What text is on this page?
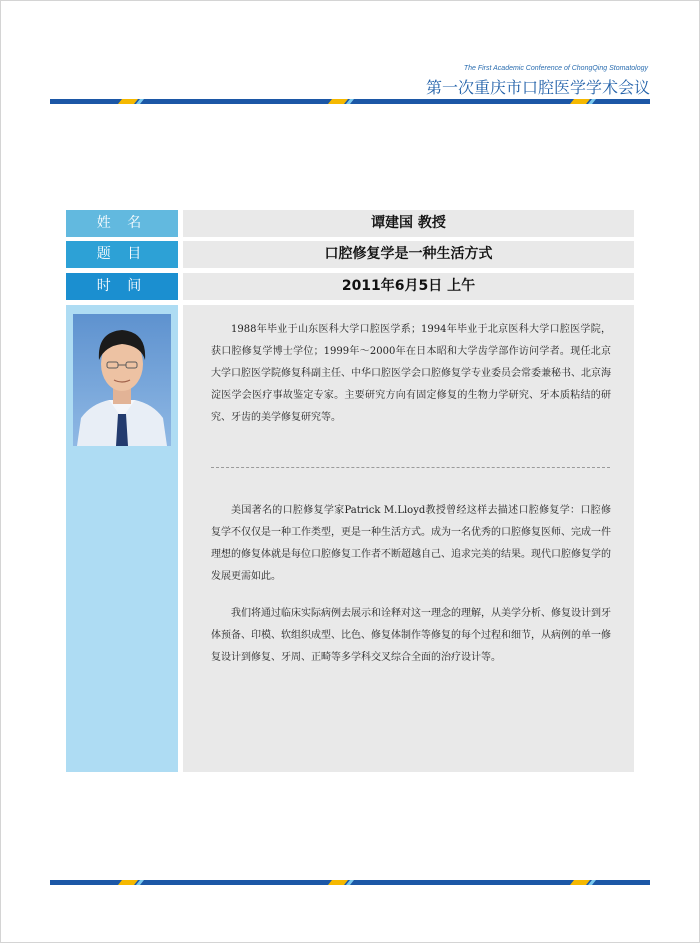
The First Academic Conference of ChongQing Stomatology
第一次重庆市口腔医学学术会议
姓 名	谭建国 教授
题 目	口腔修复学是一种生活方式
时 间	2011年6月5日 上午

1988年毕业于山东医科大学口腔医学系；1994年毕业于北京医科大学口腔医学院，获口腔修复学博士学位；1999年～2000年在日本昭和大学齿学部作访问学者。现任北京大学口腔医学院修复科副主任、中华口腔医学会口腔修复学专业委员会常委兼秘书、北京海淀医学会医疗事故鉴定专家。主要研究方向有固定修复的生物力学研究、牙本质粘结的研究、牙齿的美学修复研究等。

美国著名的口腔修复学家Patrick M.Lloyd教授曾经这样去描述口腔修复学：口腔修复学不仅仅是一种工作类型，更是一种生活方式。成为一名优秀的口腔修复医师、完成一件理想的修复体就是每位口腔修复工作者不断超越自己、追求完美的结果。现代口腔修复学的发展更需如此。

我们将通过临床实际病例去展示和诠释对这一理念的理解，从美学分析、修复设计到牙体预备、印模、软组织成型、比色、修复体制作等修复的每个过程和细节，从病例的单一修复设计到修复、牙周、正畸等多学科交叉综合全面的治疗设计等。
